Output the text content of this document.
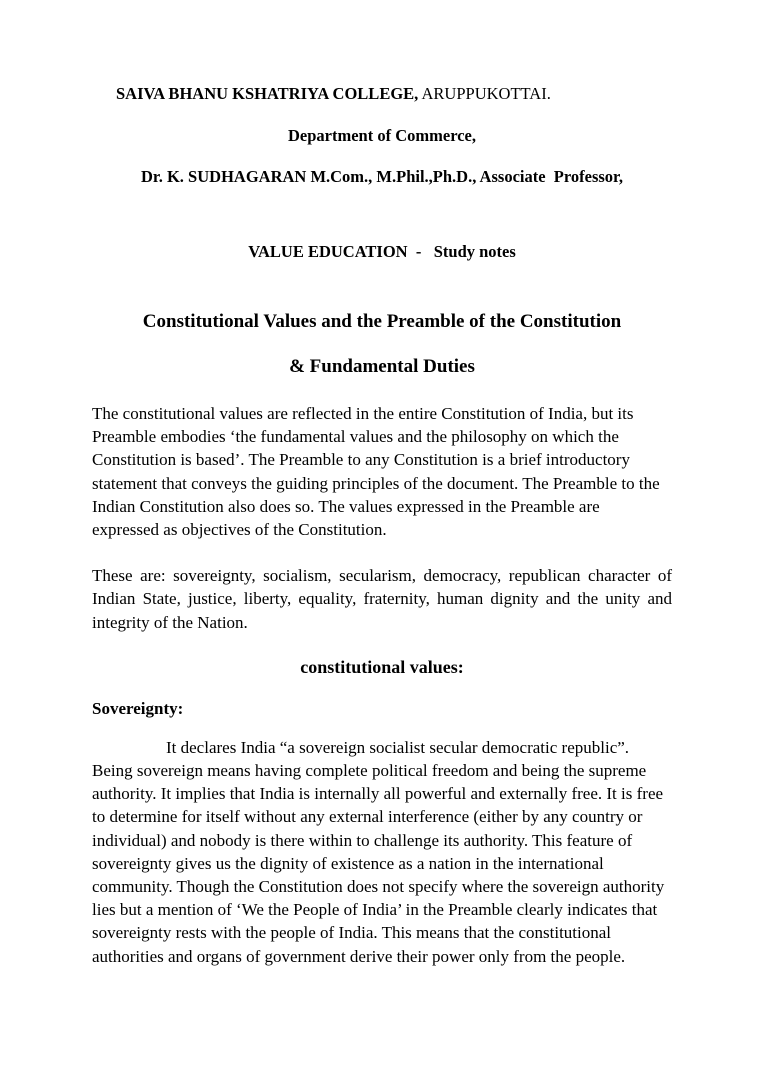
SAIVA BHANU KSHATRIYA COLLEGE, ARUPPUKOTTAI.
Department of Commerce,
Dr. K. SUDHAGARAN M.Com., M.Phil.,Ph.D., Associate  Professor,
VALUE EDUCATION  -   Study notes
Constitutional Values and the Preamble of the Constitution
& Fundamental Duties

The constitutional values are reflected in the entire Constitution of India, but its Preamble embodies ‘the fundamental values and the philosophy on which the Constitution is based’. The Preamble to any Constitution is a brief introductory statement that conveys the guiding principles of the document. The Preamble to the Indian Constitution also does so. The values expressed in the Preamble are expressed as objectives of the Constitution.

These are: sovereignty, socialism, secularism, democracy, republican character of Indian State, justice, liberty, equality, fraternity, human dignity and the unity and integrity of the Nation.

constitutional values:
Sovereignty:

It declares India “a sovereign socialist secular democratic republic”. Being sovereign means having complete political freedom and being the supreme authority. It implies that India is internally all powerful and externally free. It is free to determine for itself without any external interference (either by any country or individual) and nobody is there within to challenge its authority. This feature of sovereignty gives us the dignity of existence as a nation in the international community. Though the Constitution does not specify where the sovereign authority lies but a mention of ‘We the People of India’ in the Preamble clearly indicates that sovereignty rests with the people of India. This means that the constitutional authorities and organs of government derive their power only from the people.
